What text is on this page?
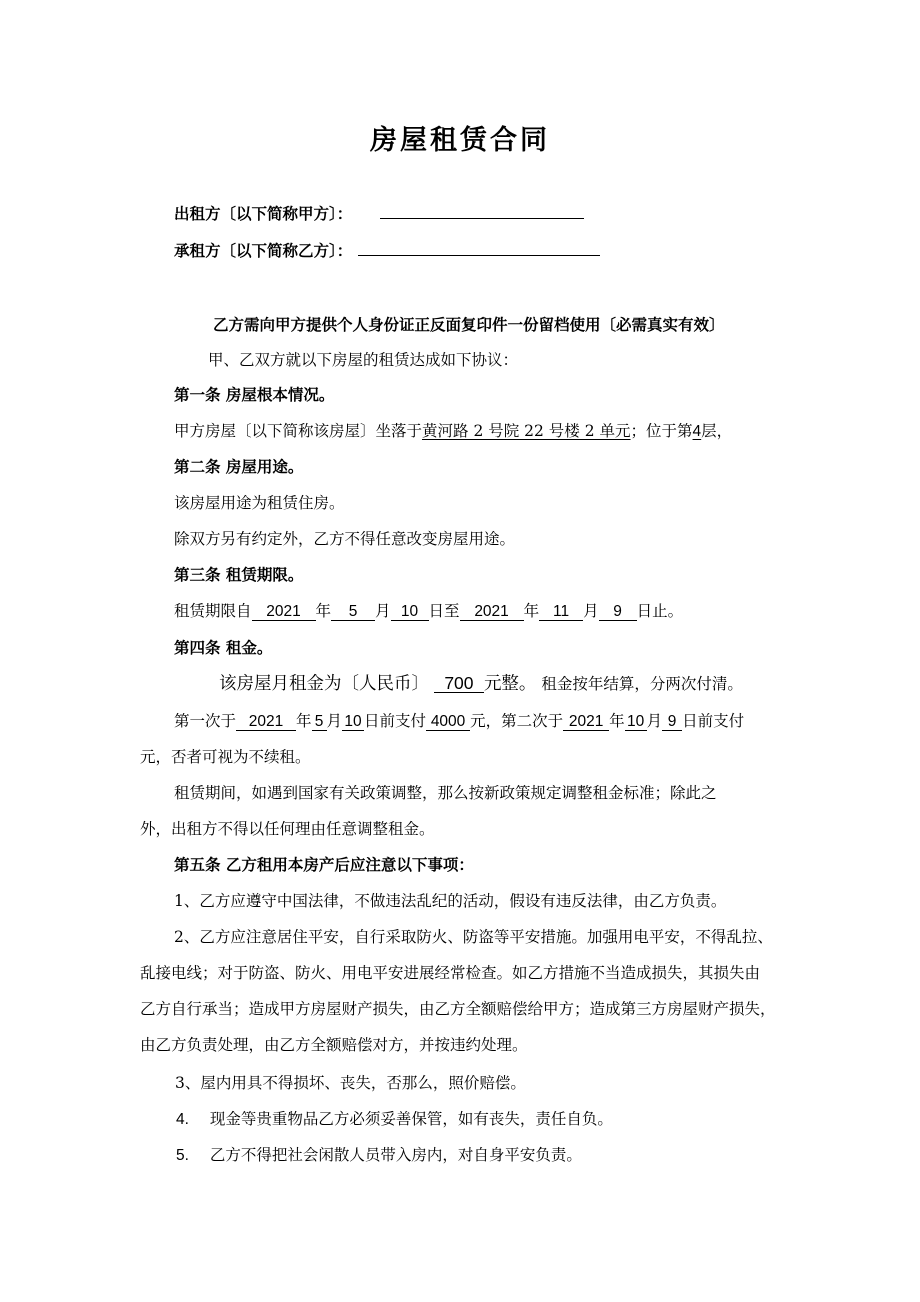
房屋租赁合同
出租方〔以下简称甲方〕：
承租方〔以下简称乙方〕：
乙方需向甲方提供个人身份证正反面复印件一份留档使用〔必需真实有效〕
甲、乙双方就以下房屋的租赁达成如下协议：
第一条 房屋根本情况。
甲方房屋〔以下简称该房屋〕坐落于黄河路 2 号院 22 号楼 2 单元；位于第4层，
第二条 房屋用途。
该房屋用途为租赁住房。
除双方另有约定外，乙方不得任意改变房屋用途。
第三条 租赁期限。
租赁期限自 2021 年 5 月 10 日至 2021 年 11 月 9 日止。
第四条 租金。
该房屋月租金为〔人民币〕 700 元整。 租金按年结算，分两次付清。
第一次于 2021 年 5 月 10 日前支付 4000 元，第二次于 2021 年 10 月 9 日前支付
元，否者可视为不续租。
租赁期间，如遇到国家有关政策调整，那么按新政策规定调整租金标准；除此之
外，出租方不得以任何理由任意调整租金。
第五条 乙方租用本房产后应注意以下事项：
1、乙方应遵守中国法律，不做违法乱纪的活动，假设有违反法律，由乙方负责。
2、乙方应注意居住平安，自行采取防火、防盗等平安措施。加强用电平安，不得乱拉、
乱接电线；对于防盗、防火、用电平安进展经常检查。如乙方措施不当造成损失，其损失由
乙方自行承当；造成甲方房屋财产损失，由乙方全额赔偿给甲方；造成第三方房屋财产损失，
由乙方负责处理，由乙方全额赔偿对方，并按违约处理。
3、屋内用具不得损坏、丧失，否那么，照价赔偿。
4. 现金等贵重物品乙方必须妥善保管，如有丧失，责任自负。
5. 乙方不得把社会闲散人员带入房内，对自身平安负责。
